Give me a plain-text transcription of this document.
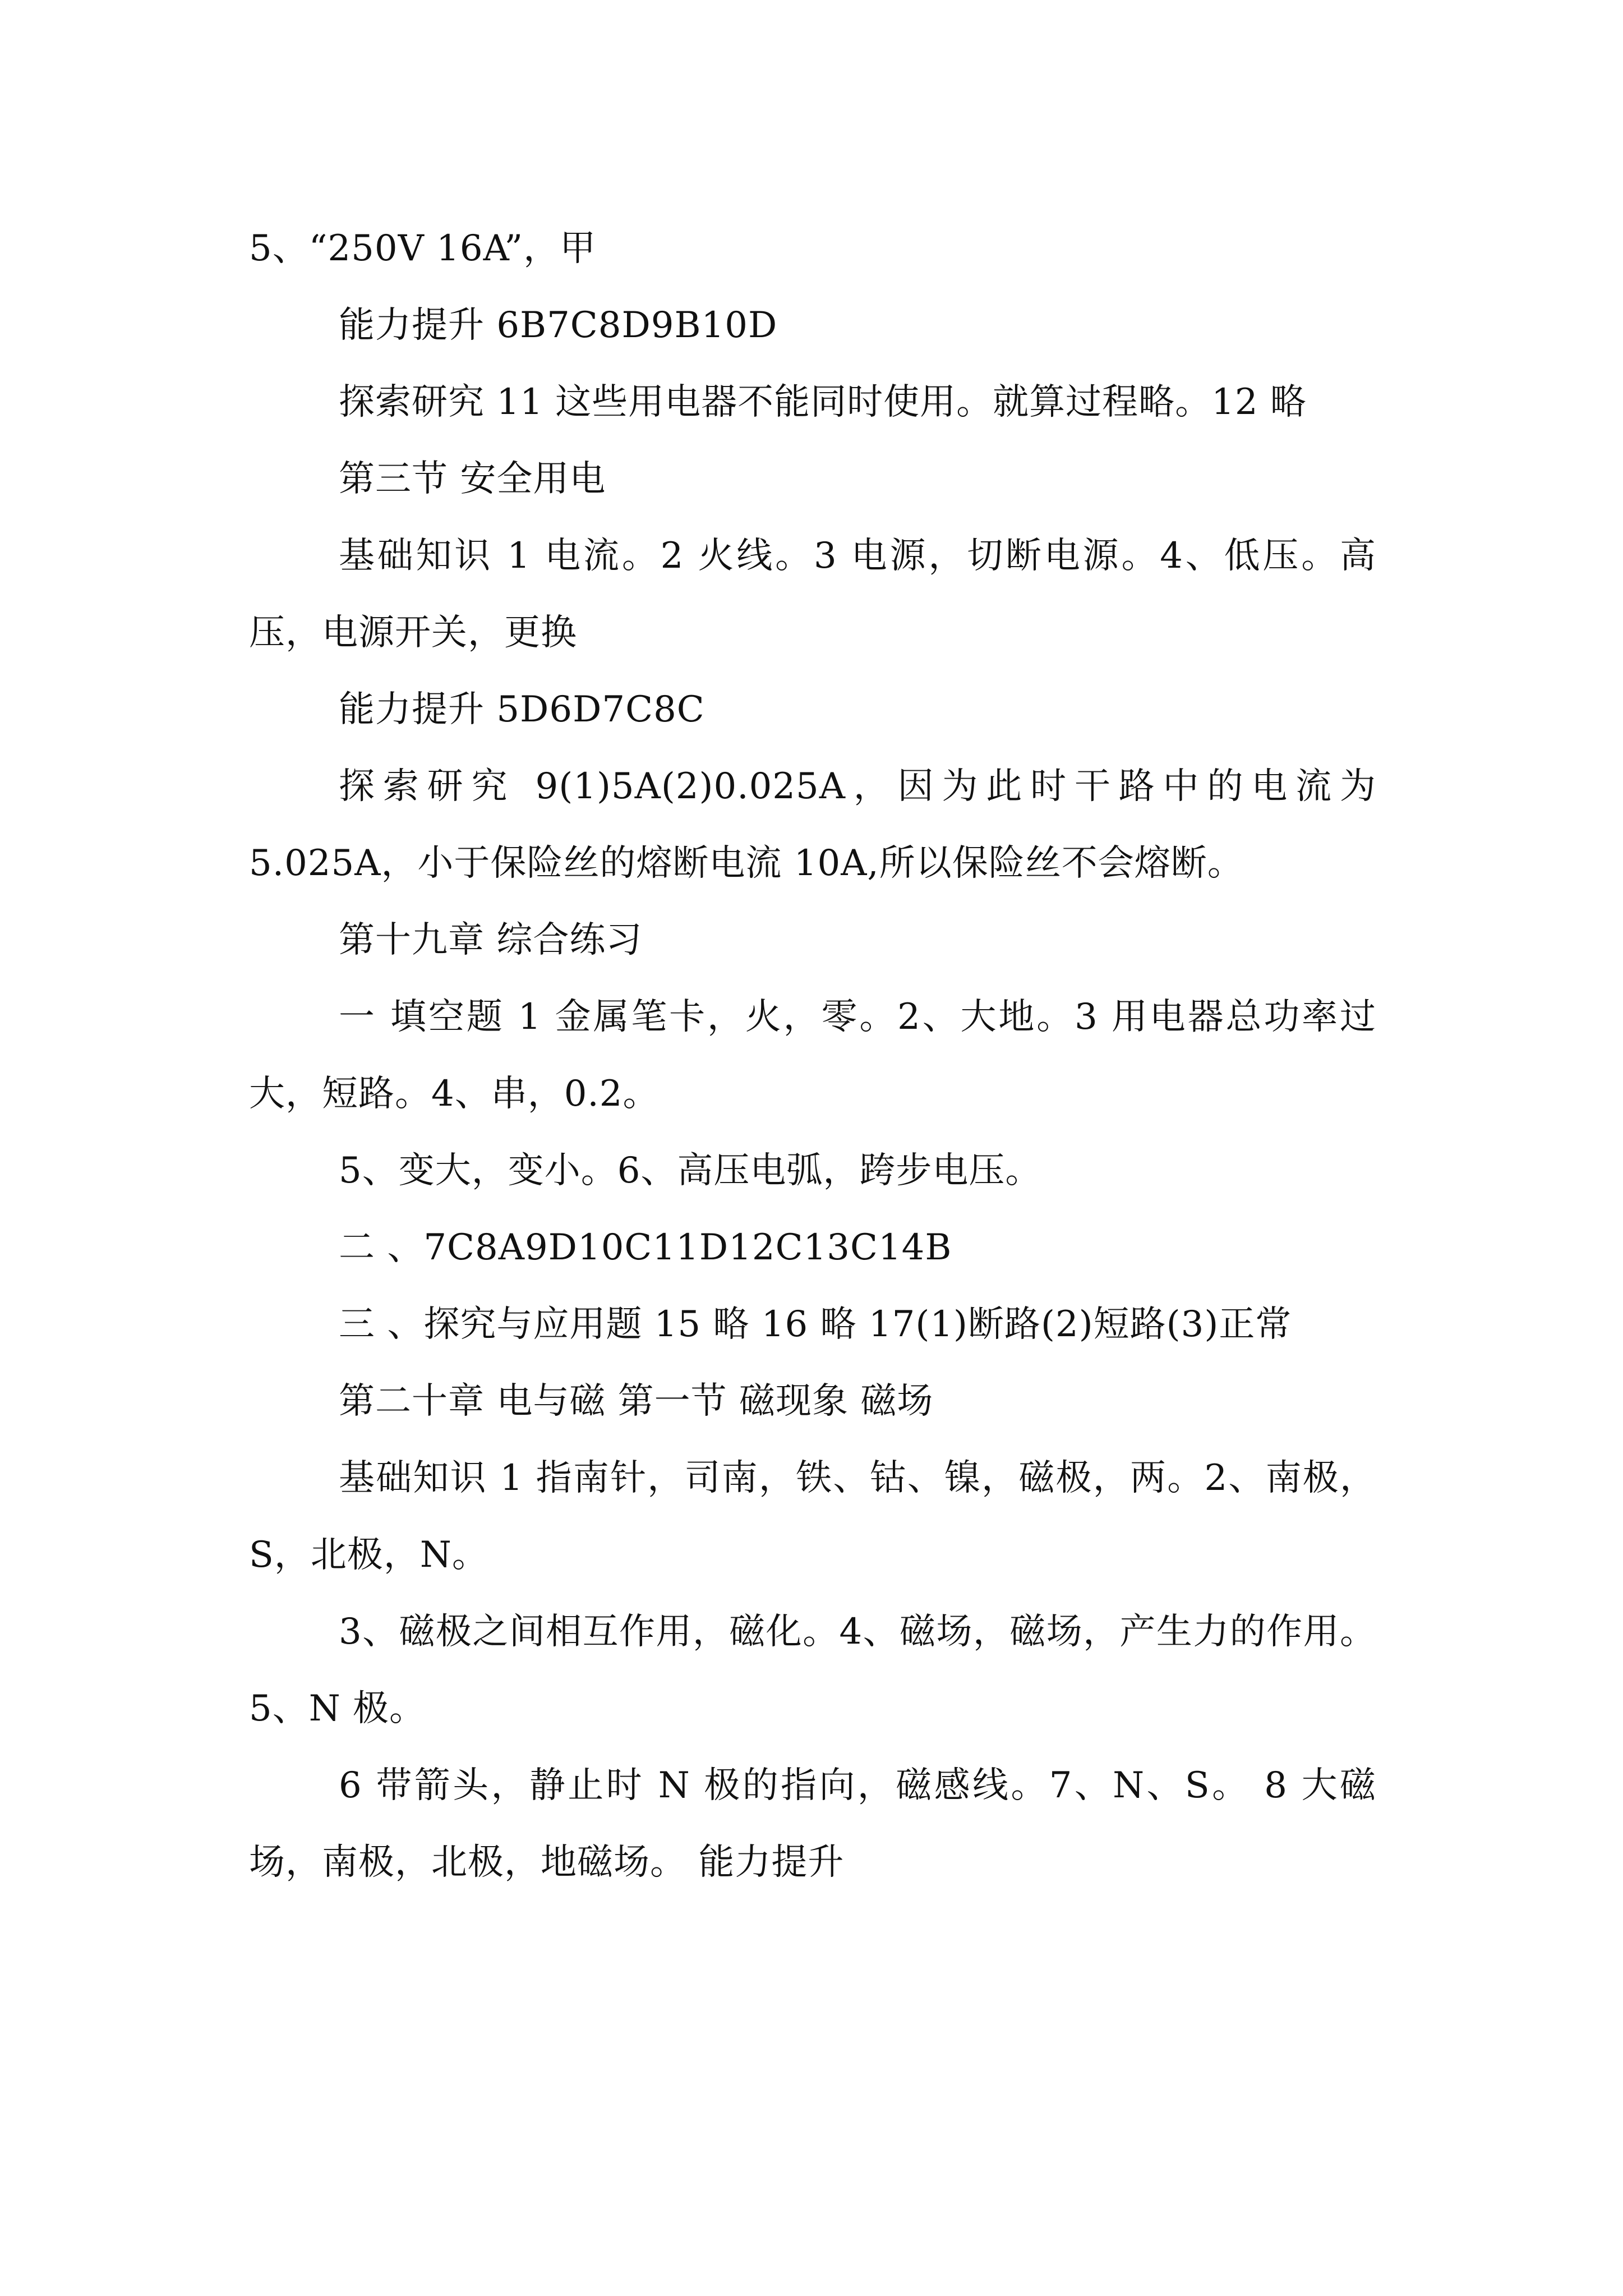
5、“250V 16A”，甲

能力提升 6B7C8D9B10D

探索研究 11 这些用电器不能同时使用。就算过程略。12 略

第三节 安全用电

基础知识 1 电流。2 火线。3 电源，切断电源。4、低压。高压，电源开关，更换

能力提升 5D6D7C8C

探索研究 9(1)5A(2)0.025A，因为此时干路中的电流为 5.025A，小于保险丝的熔断电流 10A,所以保险丝不会熔断。

第十九章 综合练习

一 填空题 1 金属笔卡，火，零。2、大地。3 用电器总功率过大，短路。4、串，0.2。

5、变大，变小。6、高压电弧，跨步电压。

二 、7C8A9D10C11D12C13C14B

三 、探究与应用题 15 略 16 略 17(1)断路(2)短路(3)正常

第二十章 电与磁 第一节 磁现象 磁场

基础知识 1 指南针，司南，铁、钴、镍，磁极，两。2、南极，S，北极，N。

3、磁极之间相互作用，磁化。4、磁场，磁场，产生力的作用。5、N 极。

6 带箭头，静止时 N 极的指向，磁感线。7、N、S。 8 大磁场，南极，北极，地磁场。 能力提升
